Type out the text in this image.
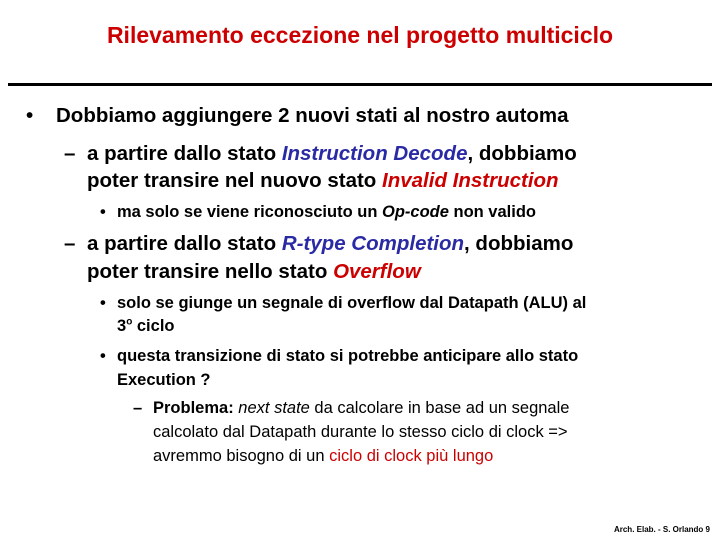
Rilevamento eccezione nel progetto multiciclo
• Dobbiamo aggiungere 2 nuovi stati al nostro automa
– a partire dallo stato Instruction Decode, dobbiamo
poter transire nel nuovo stato Invalid Instruction
• ma solo se viene riconosciuto un Op-code non valido
– a partire dallo stato R-type Completion, dobbiamo
poter transire nello stato Overflow
• solo se giunge un segnale di overflow dal Datapath (ALU) al
3$^o$ ciclo
• questa transizione di stato si potrebbe anticipare allo stato
Execution ?
– Problema: next state da calcolare in base ad un segnale
calcolato dal Datapath durante lo stesso ciclo di clock =>
avremmo bisogno di un ciclo di clock più lungo
Arch. Elab. - S. Orlando 9
